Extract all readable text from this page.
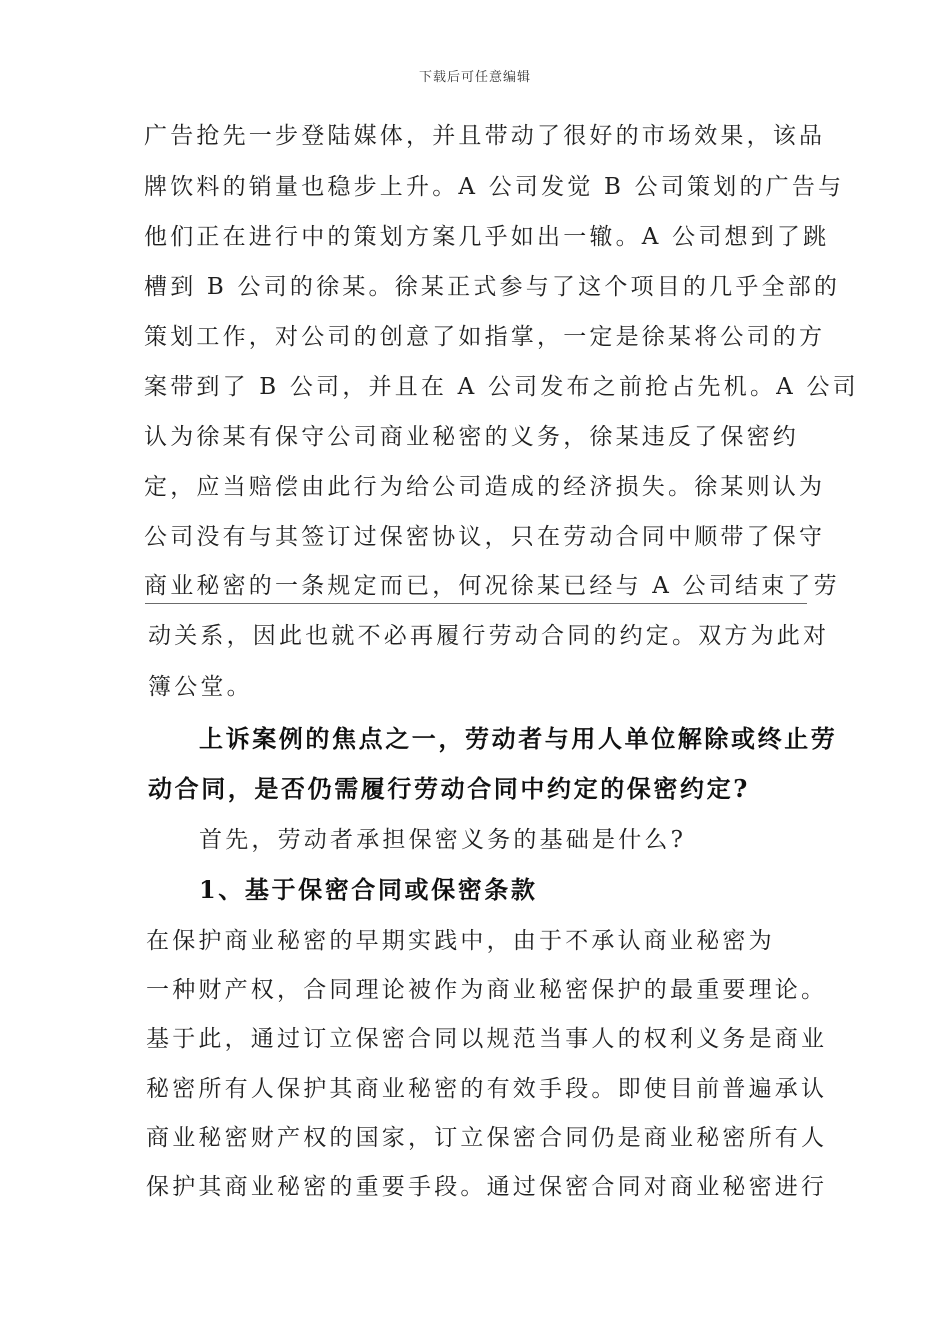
下载后可任意编辑
广告抢先一步登陆媒体，并且带动了很好的市场效果，该品
牌饮料的销量也稳步上升。A 公司发觉 B 公司策划的广告与
他们正在进行中的策划方案几乎如出一辙。A 公司想到了跳
槽到 B 公司的徐某。徐某正式参与了这个项目的几乎全部的
策划工作，对公司的创意了如指掌，一定是徐某将公司的方
案带到了 B 公司，并且在 A 公司发布之前抢占先机。A 公司
认为徐某有保守公司商业秘密的义务，徐某违反了保密约
定，应当赔偿由此行为给公司造成的经济损失。徐某则认为
公司没有与其签订过保密协议，只在劳动合同中顺带了保守
商业秘密的一条规定而已，何况徐某已经与 A 公司结束了劳
动关系，因此也就不必再履行劳动合同的约定。双方为此对
簿公堂。
上诉案例的焦点之一，劳动者与用人单位解除或终止劳
动合同，是否仍需履行劳动合同中约定的保密约定?
首先，劳动者承担保密义务的基础是什么?
1、基于保密合同或保密条款
在保护商业秘密的早期实践中，由于不承认商业秘密为
一种财产权，合同理论被作为商业秘密保护的最重要理论。
基于此，通过订立保密合同以规范当事人的权利义务是商业
秘密所有人保护其商业秘密的有效手段。即使目前普遍承认
商业秘密财产权的国家，订立保密合同仍是商业秘密所有人
保护其商业秘密的重要手段。通过保密合同对商业秘密进行
